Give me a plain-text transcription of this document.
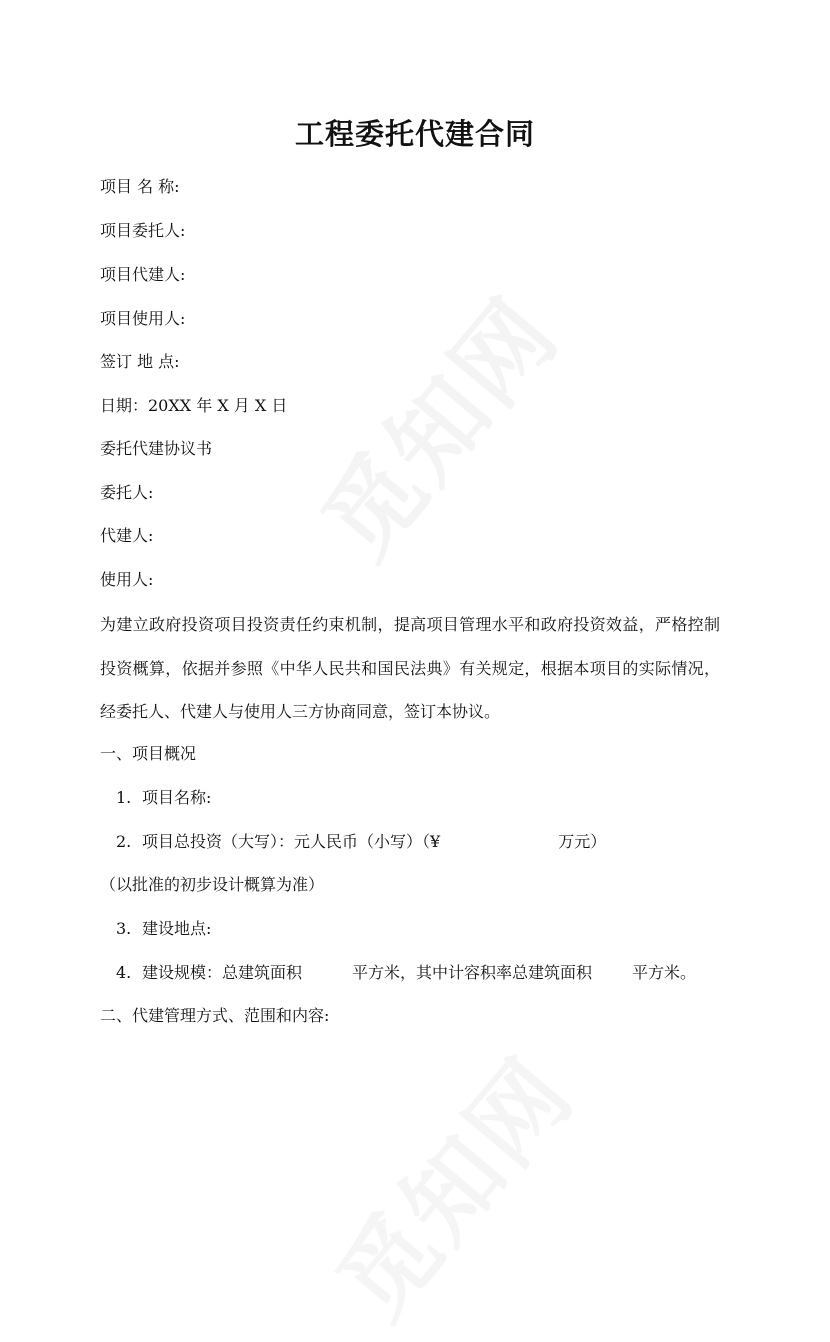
工程委托代建合同

项目 名 称:

项目委托人:

项目代建人:

项目使用人:

签订 地 点:

日期：20XX 年 X 月 X 日

委托代建协议书

委托人:

代建人:

使用人:

为建立政府投资项目投资责任约束机制，提高项目管理水平和政府投资效益，严格控制投资概算，依据并参照《中华人民共和国民法典》有关规定，根据本项目的实际情况，经委托人、代建人与使用人三方协商同意，签订本协议。

一、项目概况

1. 项目名称:

2. 项目总投资（大写）：元人民币（小写）（¥	万元）

（以批准的初步设计概算为准）

3. 建设地点:

4. 建设规模：总建筑面积	平方米，其中计容积率总建筑面积	平方米。

二、代建管理方式、范围和内容:
